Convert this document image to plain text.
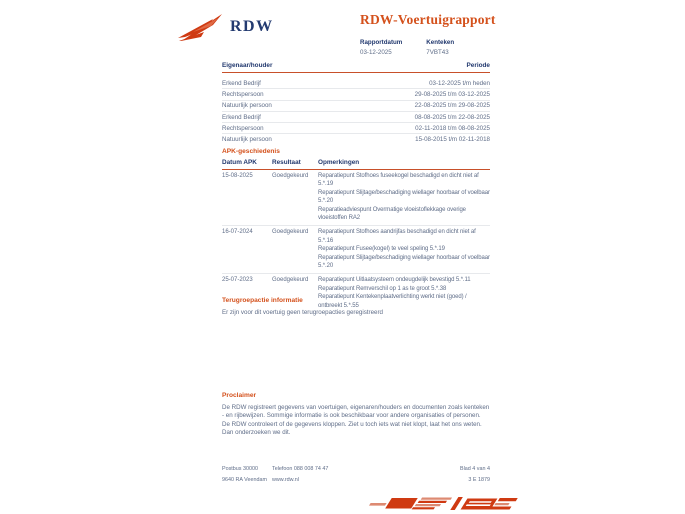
RDW	RDW-Voertuigrapport
Rapportdatum
03-12-2025
Kenteken
7VBT43
Eigenaar/houder	Periode
Erkend Bedrijf	03-12-2025 t/m heden
Rechtspersoon	29-08-2025 t/m 03-12-2025
Natuurlijk persoon	22-08-2025 t/m 29-08-2025
Erkend Bedrijf	08-08-2025 t/m 22-08-2025
Rechtspersoon	02-11-2018 t/m 08-08-2025
Natuurlijk persoon	15-08-2015 t/m 02-11-2018
APK-geschiedenis
Datum APK	Resultaat	Opmerkingen
15-08-2025	Goedgekeurd	Reparatiepunt Stofhoes fuseekogel beschadigd en dicht niet af 5.*.19
Reparatiepunt Slijtage/beschadiging wiellager hoorbaar of voelbaar 5.*.20
Reparatieadviespunt Overmatige vloeistoflekkage overige vloeistoffen RA2
16-07-2024	Goedgekeurd	Reparatiepunt Stofhoes aandrijfas beschadigd en dicht niet af 5.*.16
Reparatiepunt Fusee(kogel) te veel speling 5.*.19
Reparatiepunt Slijtage/beschadiging wiellager hoorbaar of voelbaar 5.*.20
25-07-2023	Goedgekeurd	Reparatiepunt Uitlaatsysteem ondeugdelijk bevestigd 5.*.11
Reparatiepunt Remverschil op 1 as te groot 5.*.38
Reparatiepunt Kentekenplaatverlichting werkt niet (goed) / ontbreekt 5.*.55
Terugroepactie informatie
Er zijn voor dit voertuig geen terugroepacties geregistreerd
Proclaimer
De RDW registreert gegevens van voertuigen, eigenaren/houders en documenten zoals kenteken - en rijbewijzen. Sommige informatie is ook beschikbaar voor andere organisaties of personen. De RDW controleert of de gegevens kloppen. Ziet u toch iets wat niet klopt, laat het ons weten. Dan onderzoeken we dit.
Postbus 30000
9640 RA Veendam
Telefoon 088 008 74 47
www.rdw.nl
Blad 4 van 4
3 E 1879
